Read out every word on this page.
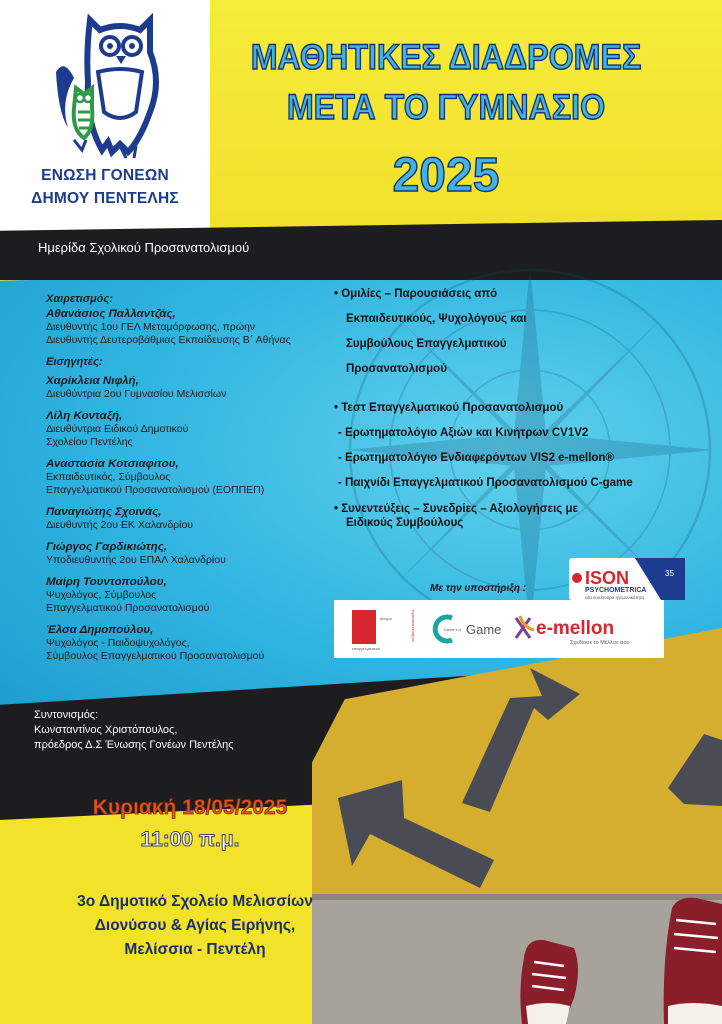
ΕΝΩΣΗ ΓΟΝΕΩΝ
ΔΗΜΟΥ ΠΕΝΤΕΛΗΣ
ΜΑΘΗΤΙΚΕΣ ΔΙΑΔΡΟΜΕΣ
ΜΕΤΑ ΤΟ ΓΥΜΝΑΣΙΟ
2025
Ημερίδα Σχολικού Προσανατολισμού

Χαιρετισμός:

Αθανάσιος Παλλαντζάς,

Διευθυντής 1ου ΓΕΛ Μεταμόρφωσης, πρώην

Διευθυντής Δευτεροβάθμιας Εκπαίδευσης Β΄ Αθήνας

Εισηγητές:

Χαρίκλεια Νιφλή,

Διευθύντρια 2ου Γυμνασίου Μελισσίων

Λίλη Κονταξή,

Διευθύντρια Ειδικού Δημοτικού

Σχολείου Πεντέλης

Αναστασία Κοτσιαφίτου,

Εκπαιδευτικός, Σύμβουλος

Επαγγελματικού Προσανατολισμού (ΕΟΠΠΕΠ)

Παναγιώτης Σχοινάς,

Διευθυντής 2ου ΕΚ Χαλανδρίου

Γιώργος Γαρδικιώτης,

Υποδιευθυντής 2ου ΕΠΑΛ Χαλανδρίου

Μαίρη Τουντοπούλου,

Ψυχολόγος, Σύμβουλος

Επαγγελματικού Προσανατολισμού

Έλσα Δημοπούλου,

Ψυχολόγος - Παιδοψυχολόγος,

Σύμβουλος Επαγγελματικού Προσανατολισμού

• Ομιλίες – Παρουσιάσεις από

Εκπαιδευτικούς, Ψυχολόγους και

Συμβούλους Επαγγελματικού

Προσανατολισμού

• Τεστ Επαγγελματικού Προσανατολισμού

- Ερωτηματολόγιο Αξιών και Κινήτρων CV1V2

- Ερωτηματολόγιο Ενδιαφερόντων VIS2 e-mellon®

- Παιχνίδι Επαγγελματικού Προσανατολισμού C-game

• Συνεντεύξεις – Συνεδρίες – Αξιολογήσεις με

Ειδικούς Συμβούλους

Με την υποστήριξη :
35
ISON
PSYCHOMETRICA
νέα κουλτούρα ηγεμονικότητα
κέντρο
επαγγελματικού
προσανατολισμού	Career in a Game e-mellon
Σχεδίασε το Μέλλον σου
Συντονισμός:
Κωνσταντίνος Χριστόπουλος,
πρόεδρος Δ.Σ Ένωσης Γονέων Πεντέλης
Κυριακή 18/05/2025
11:00 π.μ.
3ο Δημοτικό Σχολείο Μελισσίων
Διονύσου & Αγίας Ειρήνης,
Μελίσσια - Πεντέλη
